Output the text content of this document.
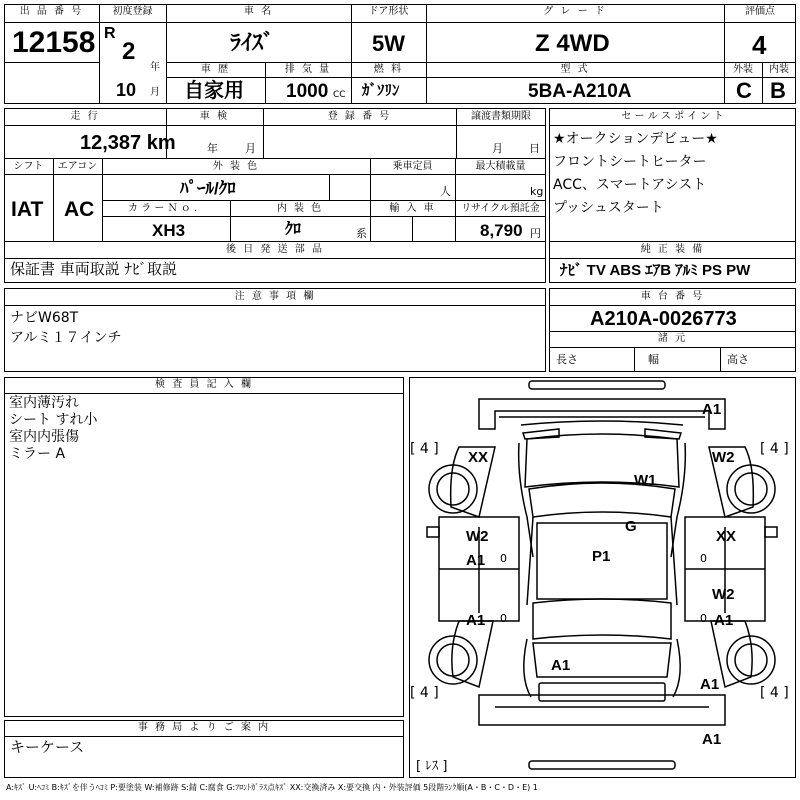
出 品 番 号
12158
初度登録
R
2
年
10 月
車 名
ﾗｲｽﾞ
ドア形状
5W
グ レ ー ド
Z 4WD
評価点
4
車 歴
自家用
排 気 量
1000 CC
燃 料
ｶﾞｿﾘﾝ
型 式
5BA-A210A
外装
C
内装
B
走 行
12,387 km
車 検
年 月
登 録 番 号	譲渡書類期限
月 日
シフト
IAT
エアコン
AC
外 装 色
ﾊﾟｰﾙ/ｸﾛ
乗車定員
人
最大積載量
kg
カ ラ ー Ｎ ｏ ．
XH3
内 装 色
ｸﾛ	系
輸 入 車	リサイクル預託金
8,790 円
後 日 発 送 部 品
保証書 車両取説 ﾅﾋﾞ取説
セ ー ル ス ポ イ ン ト
★オークションデビュー★
フロントシートヒーター
ACC、スマートアシスト
プッシュスタート
純 正 装 備
ﾅﾋﾞ TV ABS ｴｱB ｱﾙﾐ PS PW
注 意 事 項 欄
ナビW68T
アルミ１７インチ
車 台 番 号
A210A-0026773
諸 元
長さ	幅	高さ
検 査 員 記 入 欄
室内薄汚れ
シート すれ小
室内内張傷
ミラー A
事 務 局 よ り ご 案 内
キーケース
[ 4 ]	[ 4 ]
[ 4 ]	[ 4 ]
[ ﾚｽ ]
A1
XX	W2
W1
G
P1
W2
A1
XX
A1
W2
A1
A1
A1
A1
0	0
0	0
A:ｷｽﾞ U:ﾍｺﾐ B:ｷｽﾞを伴うﾍｺﾐ P:要塗装 W:補修跡 S:錆 C:腐食 G:ﾌﾛﾝﾄｶﾞﾗｽ点ｷｽﾞ XX:交換済み X:要交換 内・外装評価 5段階ﾗﾝｸ順(A・B・C・D・E) 1
